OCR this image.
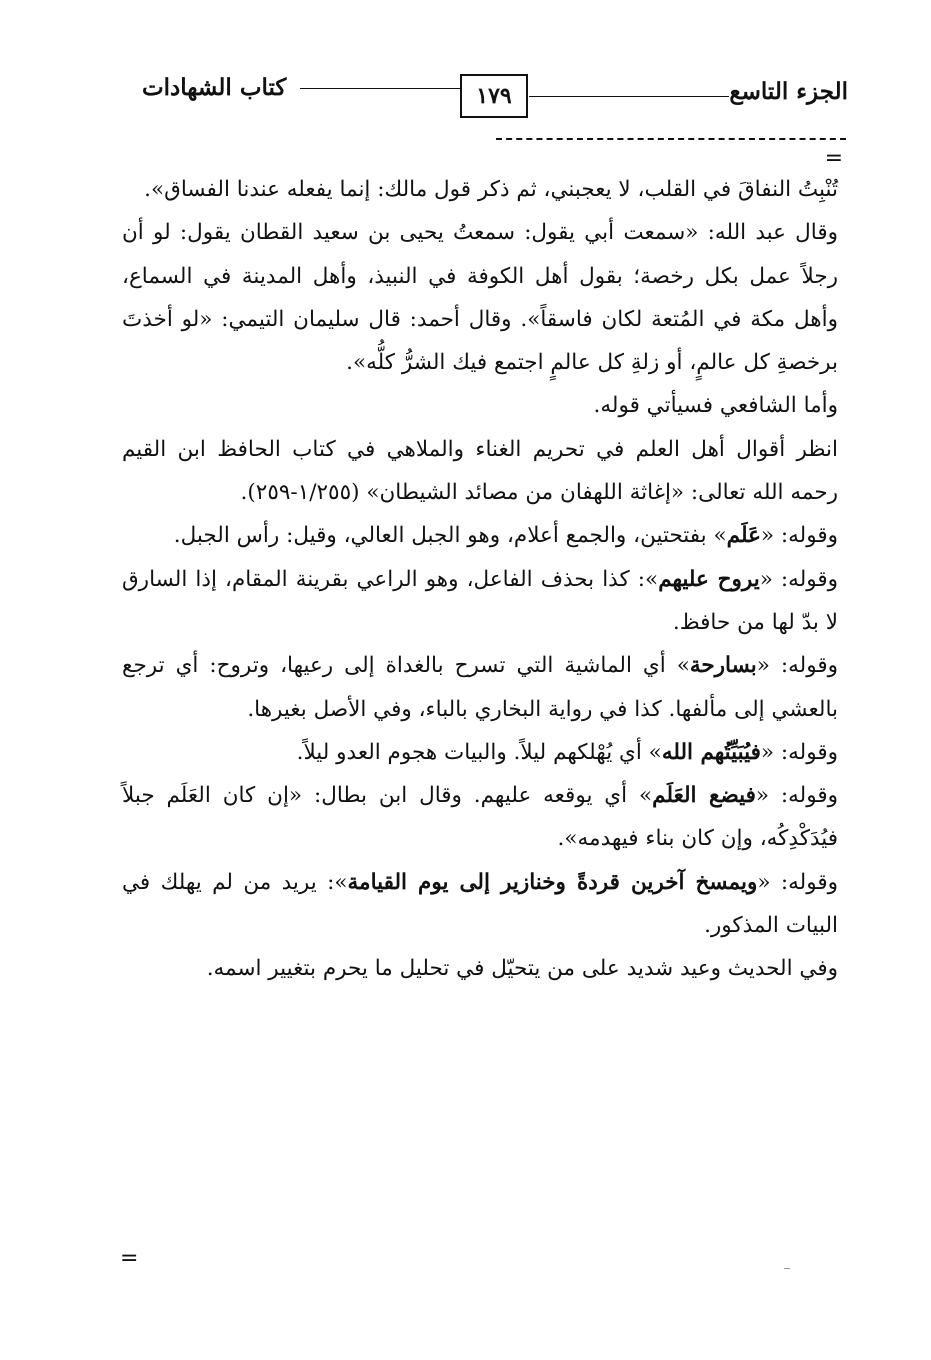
كتاب الشهادات	١٧٩	الجزء التاسع
=

تُنْبِتُ النفاقَ في القلب، لا يعجبني، ثم ذكر قول مالك: إنما يفعله عندنا الفساق».

وقال عبد الله: «سمعت أبي يقول: سمعتُ يحيى بن سعيد القطان يقول: لو أن رجلاً عمل بكل رخصة؛ بقول أهل الكوفة في النبيذ، وأهل المدينة في السماع، وأهل مكة في المُتعة لكان فاسقاً». وقال أحمد: قال سليمان التيمي: «لو أخذتَ برخصةِ كل عالمٍ، أو زلةِ كل عالمٍ اجتمع فيك الشرُّ كلُّه».

وأما الشافعي فسيأتي قوله.

انظر أقوال أهل العلم في تحريم الغناء والملاهي في كتاب الحافظ ابن القيم رحمه الله تعالى: «إغاثة اللهفان من مصائد الشيطان» (١/٢٥٥-٢٥٩).

وقوله: «عَلَم» بفتحتين، والجمع أعلام، وهو الجبل العالي، وقيل: رأس الجبل.

وقوله: «يروح عليهم»: كذا بحذف الفاعل، وهو الراعي بقرينة المقام، إذا السارق لا بدّ لها من حافظ.

وقوله: «بسارحة» أي الماشية التي تسرح بالغداة إلى رعيها، وتروح: أي ترجع بالعشي إلى مألفها. كذا في رواية البخاري بالباء، وفي الأصل بغيرها.

وقوله: «فيُبَيِّتُهم الله» أي يُهْلكهم ليلاً. والبيات هجوم العدو ليلاً.

وقوله: «فيضع العَلَم» أي يوقعه عليهم. وقال ابن بطال: «إن كان العَلَم جبلاً فيُدَكْدِكُه، وإن كان بناء فيهدمه».

وقوله: «ويمسخ آخرين قردةً وخنازير إلى يوم القيامة»: يريد من لم يهلك في البيات المذكور.

وفي الحديث وعيد شديد على من يتحيّل في تحليل ما يحرم بتغيير اسمه.

=
